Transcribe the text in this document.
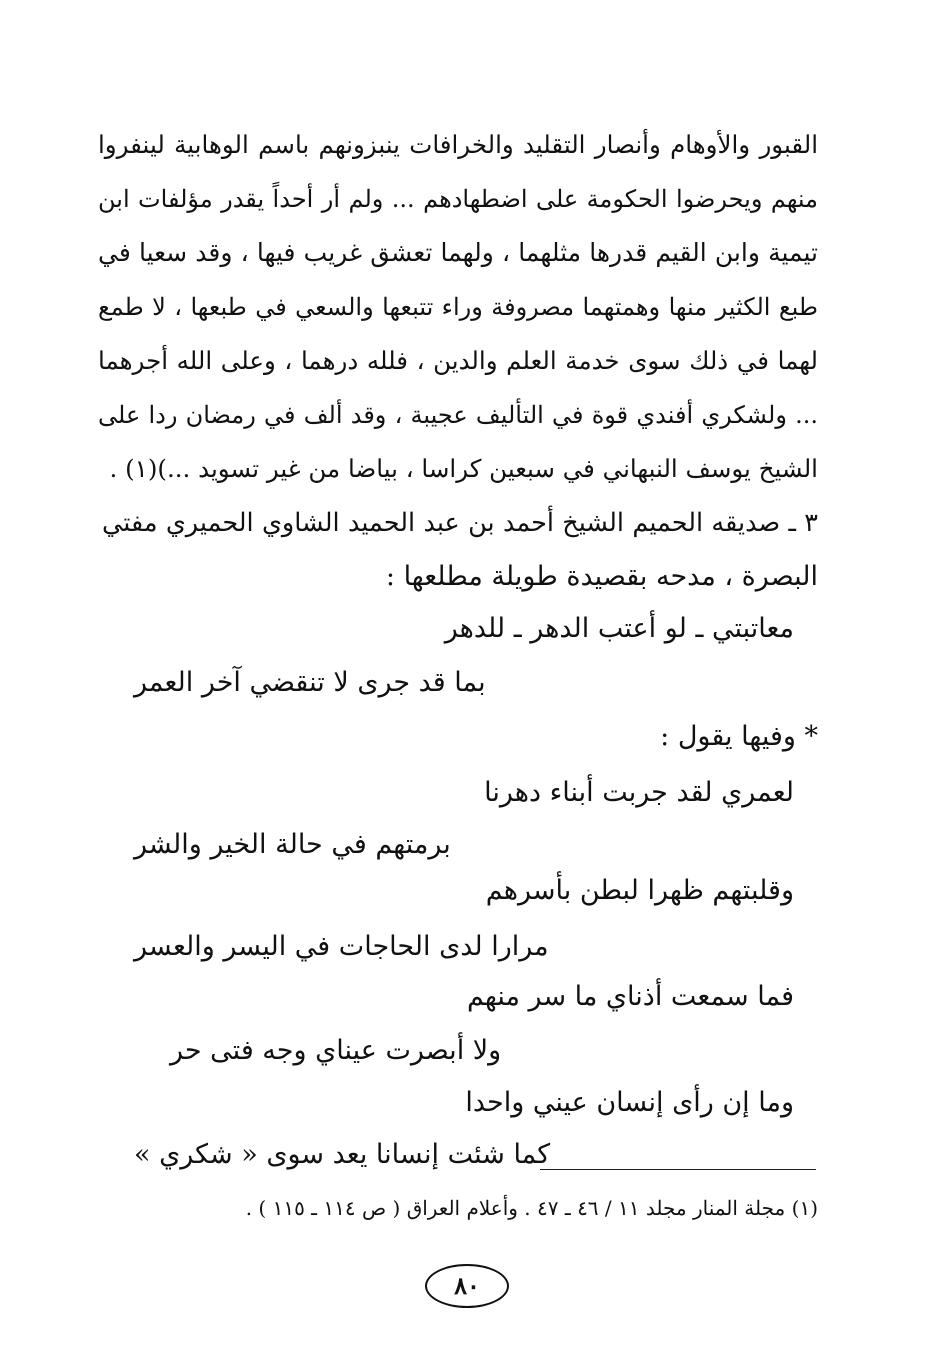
القبور والأوهام وأنصار التقليد والخرافات ينبزونهم باسم الوهابية لينفروا
منهم ويحرضوا الحكومة على اضطهادهم ... ولم أر أحداً يقدر مؤلفات ابن
تيمية وابن القيم قدرها مثلهما ، ولهما تعشق غريب فيها ، وقد سعيا في
طبع الكثير منها وهمتهما مصروفة وراء تتبعها والسعي في طبعها ، لا طمع
لهما في ذلك سوى خدمة العلم والدين ، فلله درهما ، وعلى الله أجرهما
... ولشكري أفندي قوة في التأليف عجيبة ، وقد ألف في رمضان ردا على
الشيخ يوسف النبهاني في سبعين كراسا ، بياضا من غير تسويد ...)(١) .
٣ ـ صديقه الحميم الشيخ أحمد بن عبد الحميد الشاوي الحميري مفتي
البصرة ، مدحه بقصيدة طويلة مطلعها :
معاتبتي ـ لو أعتب الدهر ـ للدهر
بما قد جرى لا تنقضي آخر العمر
* وفيها يقول :
لعمري لقد جربت أبناء دهرنا
برمتهم في حالة الخير والشر
وقلبتهم ظهرا لبطن بأسرهم
مرارا لدى الحاجات في اليسر والعسر
فما سمعت أذناي ما سر منهم
ولا أبصرت عيناي وجه فتى حر
وما إن رأى إنسان عيني واحدا
كما شئت إنسانا يعد سوى « شكري »
(١) مجلة المنار مجلد ١١ / ٤٦ ـ ٤٧ . وأعلام العراق ( ص ١١٤ ـ ١١٥ ) .
٨٠
